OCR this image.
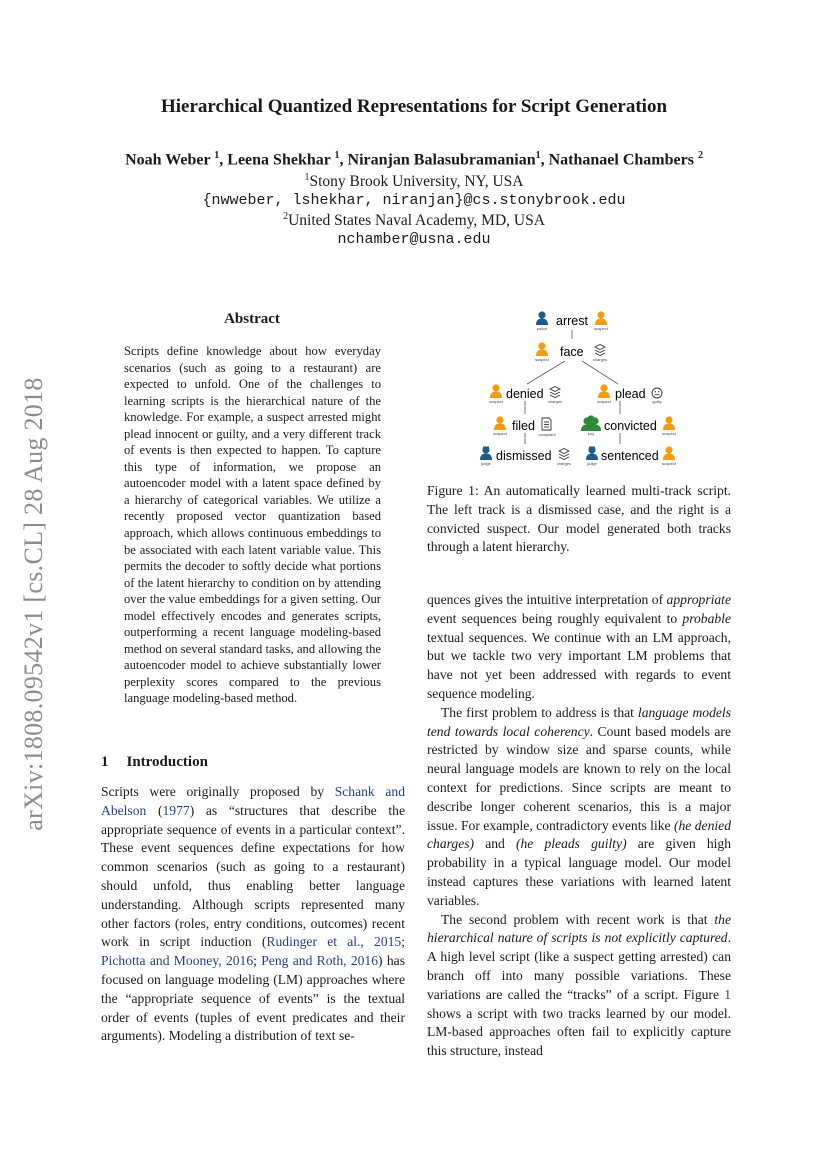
arXiv:1808.09542v1 [cs.CL] 28 Aug 2018
Hierarchical Quantized Representations for Script Generation
Noah Weber $^1$, Leena Shekhar $^1$, Niranjan Balasubramanian$^1$, Nathanael Chambers $^2$
$^1$Stony Brook University, NY, USA
{nwweber, lshekhar, niranjan}@cs.stonybrook.edu
$^2$United States Naval Academy, MD, USA
nchamber@usna.edu
Abstract
Scripts define knowledge about how everyday scenarios (such as going to a restaurant) are expected to unfold. One of the challenges to learning scripts is the hierarchical nature of the knowledge. For example, a suspect arrested might plead innocent or guilty, and a very different track of events is then expected to happen. To capture this type of information, we propose an autoencoder model with a latent space defined by a hierarchy of categorical variables. We utilize a recently proposed vector quantization based approach, which allows continuous embeddings to be associated with each latent variable value. This permits the decoder to softly decide what portions of the latent hierarchy to condition on by attending over the value embeddings for a given setting. Our model effectively encodes and generates scripts, outperforming a recent language modeling-based method on several standard tasks, and allowing the autoencoder model to achieve substantially lower perplexity scores compared to the previous language modeling-based method.
1 Introduction
Scripts were originally proposed by Schank and Abelson (1977) as “structures that describe the appropriate sequence of events in a particular context”. These event sequences define expectations for how common scenarios (such as going to a restaurant) should unfold, thus enabling better language understanding. Although scripts represented many other factors (roles, entry conditions, outcomes) recent work in script induction (Rudinger et al., 2015; Pichotta and Mooney, 2016; Peng and Roth, 2016) has focused on language modeling (LM) approaches where the “appropriate sequence of events” is the textual order of events (tuples of event predicates and their arguments). Modeling a distribution of text se-

quences gives the intuitive interpretation of appropriate event sequences being roughly equivalent to probable textual sequences. We continue with an LM approach, but we tackle two very important LM problems that have not yet been addressed with regards to event sequence modeling.

The first problem to address is that language models tend towards local coherency. Count based models are restricted by window size and sparse counts, while neural language models are known to rely on the local context for predictions. Since scripts are meant to describe longer coherent scenarios, this is a major issue. For example, contradictory events like (he denied charges) and (he pleads guilty) are given high probability in a typical language model. Our model instead captures these variations with learned latent variables.

The second problem with recent work is that the hierarchical nature of scripts is not explicitly captured. A high level script (like a suspect getting arrested) can branch off into many possible variations. These variations are called the “tracks” of a script. Figure 1 shows a script with two tracks learned by our model. LM-based approaches often fail to explicitly capture this structure, instead

police
arrest
suspect
suspect
face
charges
suspect
denied
charges	suspect
plead
guilty
suspect
filed
complaint	jury
convicted
suspect
judge
dismissed
charges	judge
sentenced
suspect
Figure 1: An automatically learned multi-track script. The left track is a dismissed case, and the right is a convicted suspect. Our model generated both tracks through a latent hierarchy.
